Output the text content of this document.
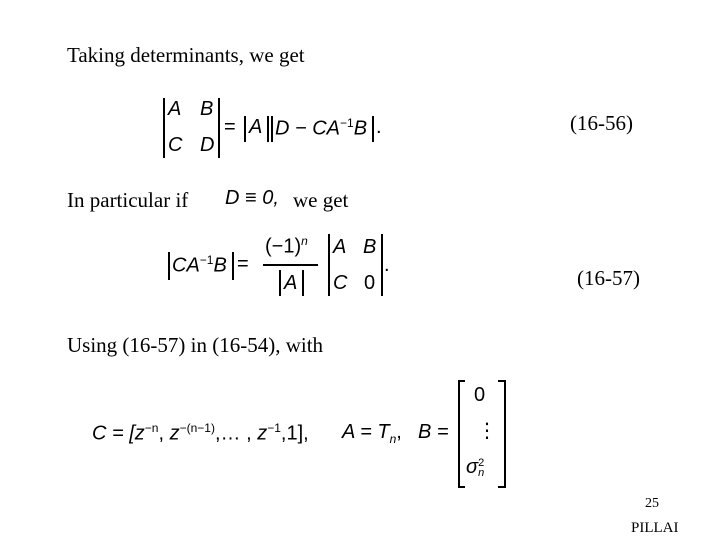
Taking determinants, we get
A B
C D
= A $D - CA^{-1}B$ .	(16-56)
In particular if D ≡ 0, we get
$CA^{-1}B$ =
$(-1)^n$
A
A B
C 0
.
(16-57)
Using (16-57) in (16-54), with
$C = [z^{-n}$, $z^{-(n-1)},\dots$ , $z^{-1},1$], $A = T_n$, B =
0
⋮
σ 2
n
25
PILLAI
